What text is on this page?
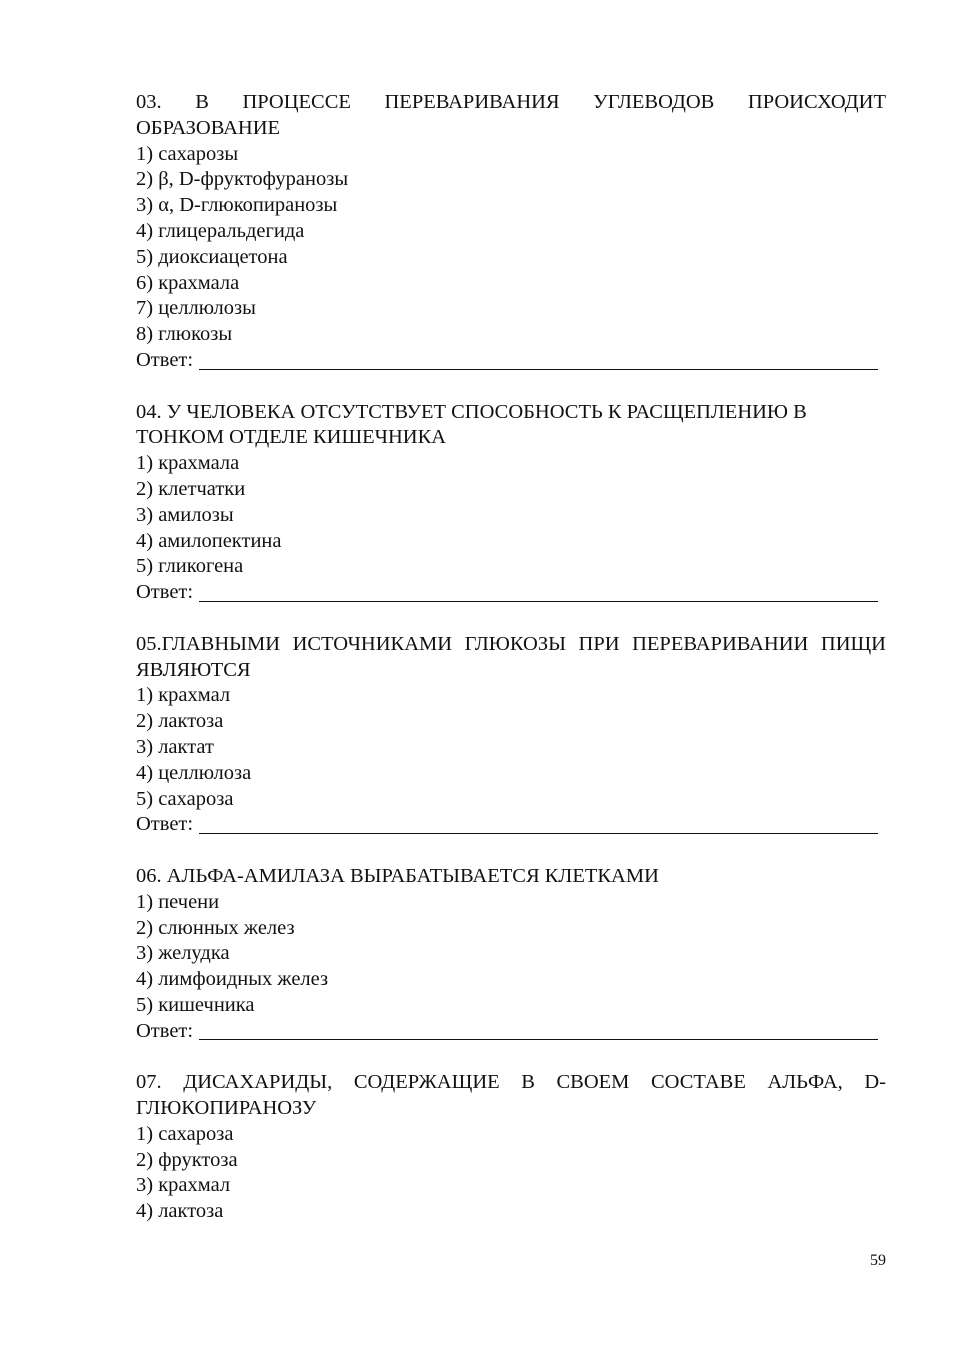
03. В ПРОЦЕССЕ ПЕРЕВАРИВАНИЯ УГЛЕВОДОВ ПРОИСХОДИТ ОБРАЗОВАНИЕ

1) сахарозы

2) β, D-фруктофуранозы

3) α, D-глюкопиранозы

4) глицеральдегида

5) диоксиацетона

6) крахмала

7) целлюлозы

8) глюкозы

Ответ:

04. У ЧЕЛОВЕКА ОТСУТСТВУЕТ СПОСОБНОСТЬ К РАСЩЕПЛЕНИЮ В ТОНКОМ ОТДЕЛЕ КИШЕЧНИКА

1) крахмала

2) клетчатки

3) амилозы

4) амилопектина

5) гликогена

Ответ:

05.ГЛАВНЫМИ ИСТОЧНИКАМИ ГЛЮКОЗЫ ПРИ ПЕРЕВАРИВАНИИ ПИЩИ ЯВЛЯЮТСЯ

1) крахмал

2) лактоза

3) лактат

4) целлюлоза

5) сахароза

Ответ:

06. АЛЬФА-АМИЛАЗА ВЫРАБАТЫВАЕТСЯ КЛЕТКАМИ

1) печени

2) слюнных желез

3) желудка

4) лимфоидных желез

5) кишечника

Ответ:

07. ДИСАХАРИДЫ, СОДЕРЖАЩИЕ В СВОЕМ СОСТАВЕ АЛЬФА, D-ГЛЮКОПИРАНОЗУ

1) сахароза

2) фруктоза

3) крахмал

4) лактоза

59
